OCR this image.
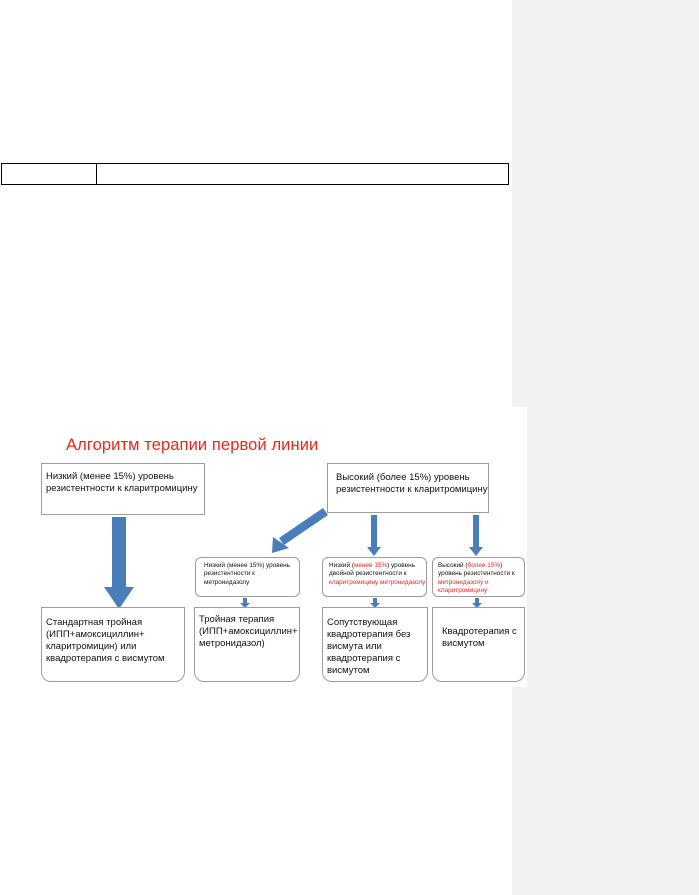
Алгоритм терапии первой линии
Низкий (менее 15%) уровень резистентности к кларитромицину
Высокий (более 15%) уровень резистентности к кларитромицину
Низкий (менее 15%) уровень резистентности к метронидазолу
Низкий (менее 15%) уровень двойной резистентности к кларитромицину метронидазолу
Высокий (более 15%) уровень резистентности к метронидазолу и кларитромицину
Стандартная тройная (ИПП+амоксициллин+ кларитромицин) или квадротерапия с висмутом
Тройная терапия (ИПП+амоксициллин+ метронидазол)
Сопутствующая квадротерапия без висмута или квадротерапия с висмутом
Квадротерапия с висмутом
